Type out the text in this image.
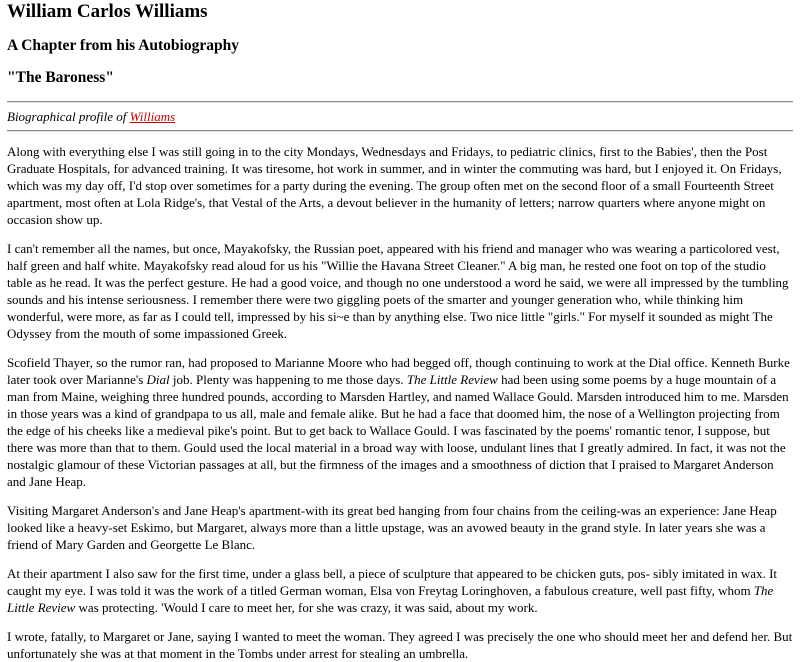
William Carlos Williams
A Chapter from his Autobiography
"The Baroness"
Biographical profile of Williams

Along with everything else I was still going in to the city Mondays, Wednesdays and Fridays, to pediatric clinics, first to the Babies', then the Post Graduate Hospitals, for advanced training. It was tiresome, hot work in summer, and in winter the commuting was hard, but I enjoyed it. On Fridays, which was my day off, I'd stop over sometimes for a party during the evening. The group often met on the second floor of a small Fourteenth Street apartment, most often at Lola Ridge's, that Vestal of the Arts, a devout believer in the humanity of letters; narrow quarters where anyone might on occasion show up.

I can't remember all the names, but once, Mayakofsky, the Russian poet, appeared with his friend and manager who was wearing a particolored vest, half green and half white. Mayakofsky read aloud for us his "Willie the Havana Street Cleaner." A big man, he rested one foot on top of the studio table as he read. It was the perfect gesture. He had a good voice, and though no one understood a word he said, we were all impressed by the tumbling sounds and his intense seriousness. I remember there were two giggling poets of the smarter and younger generation who, while thinking him wonderful, were more, as far as I could tell, impressed by his si~e than by anything else. Two nice little "girls." For myself it sounded as might The Odyssey from the mouth of some impassioned Greek.

Scofield Thayer, so the rumor ran, had proposed to Marianne Moore who had begged off, though continuing to work at the Dial office. Kenneth Burke later took over Marianne's Dial job. Plenty was happening to me those days. The Little Review had been using some poems by a huge mountain of a man from Maine, weighing three hundred pounds, according to Marsden Hartley, and named Wallace Gould. Marsden introduced him to me. Marsden in those years was a kind of grandpapa to us all, male and female alike. But he had a face that doomed him, the nose of a Wellington projecting from the edge of his cheeks like a medieval pike's point. But to get back to Wallace Gould. I was fascinated by the poems' romantic tenor, I suppose, but there was more than that to them. Gould used the local material in a broad way with loose, undulant lines that I greatly admired. In fact, it was not the nostalgic glamour of these Victorian passages at all, but the firmness of the images and a smoothness of diction that I praised to Margaret Anderson and Jane Heap.

Visiting Margaret Anderson's and Jane Heap's apartment-with its great bed hanging from four chains from the ceiling-was an experience: Jane Heap looked like a heavy-set Eskimo, but Margaret, always more than a little upstage, was an avowed beauty in the grand style. In later years she was a friend of Mary Garden and Georgette Le Blanc.

At their apartment I also saw for the first time, under a glass bell, a piece of sculpture that appeared to be chicken guts, pos- sibly imitated in wax. It caught my eye. I was told it was the work of a titled German woman, Elsa von Freytag Loringhoven, a fabulous creature, well past fifty, whom The Little Review was protecting. 'Would I care to meet her, for she was crazy, it was said, about my work.

I wrote, fatally, to Margaret or Jane, saying I wanted to meet the woman. They agreed I was precisely the one who should meet her and defend her. But unfortunately she was at that moment in the Tombs under arrest for stealing an umbrella.
